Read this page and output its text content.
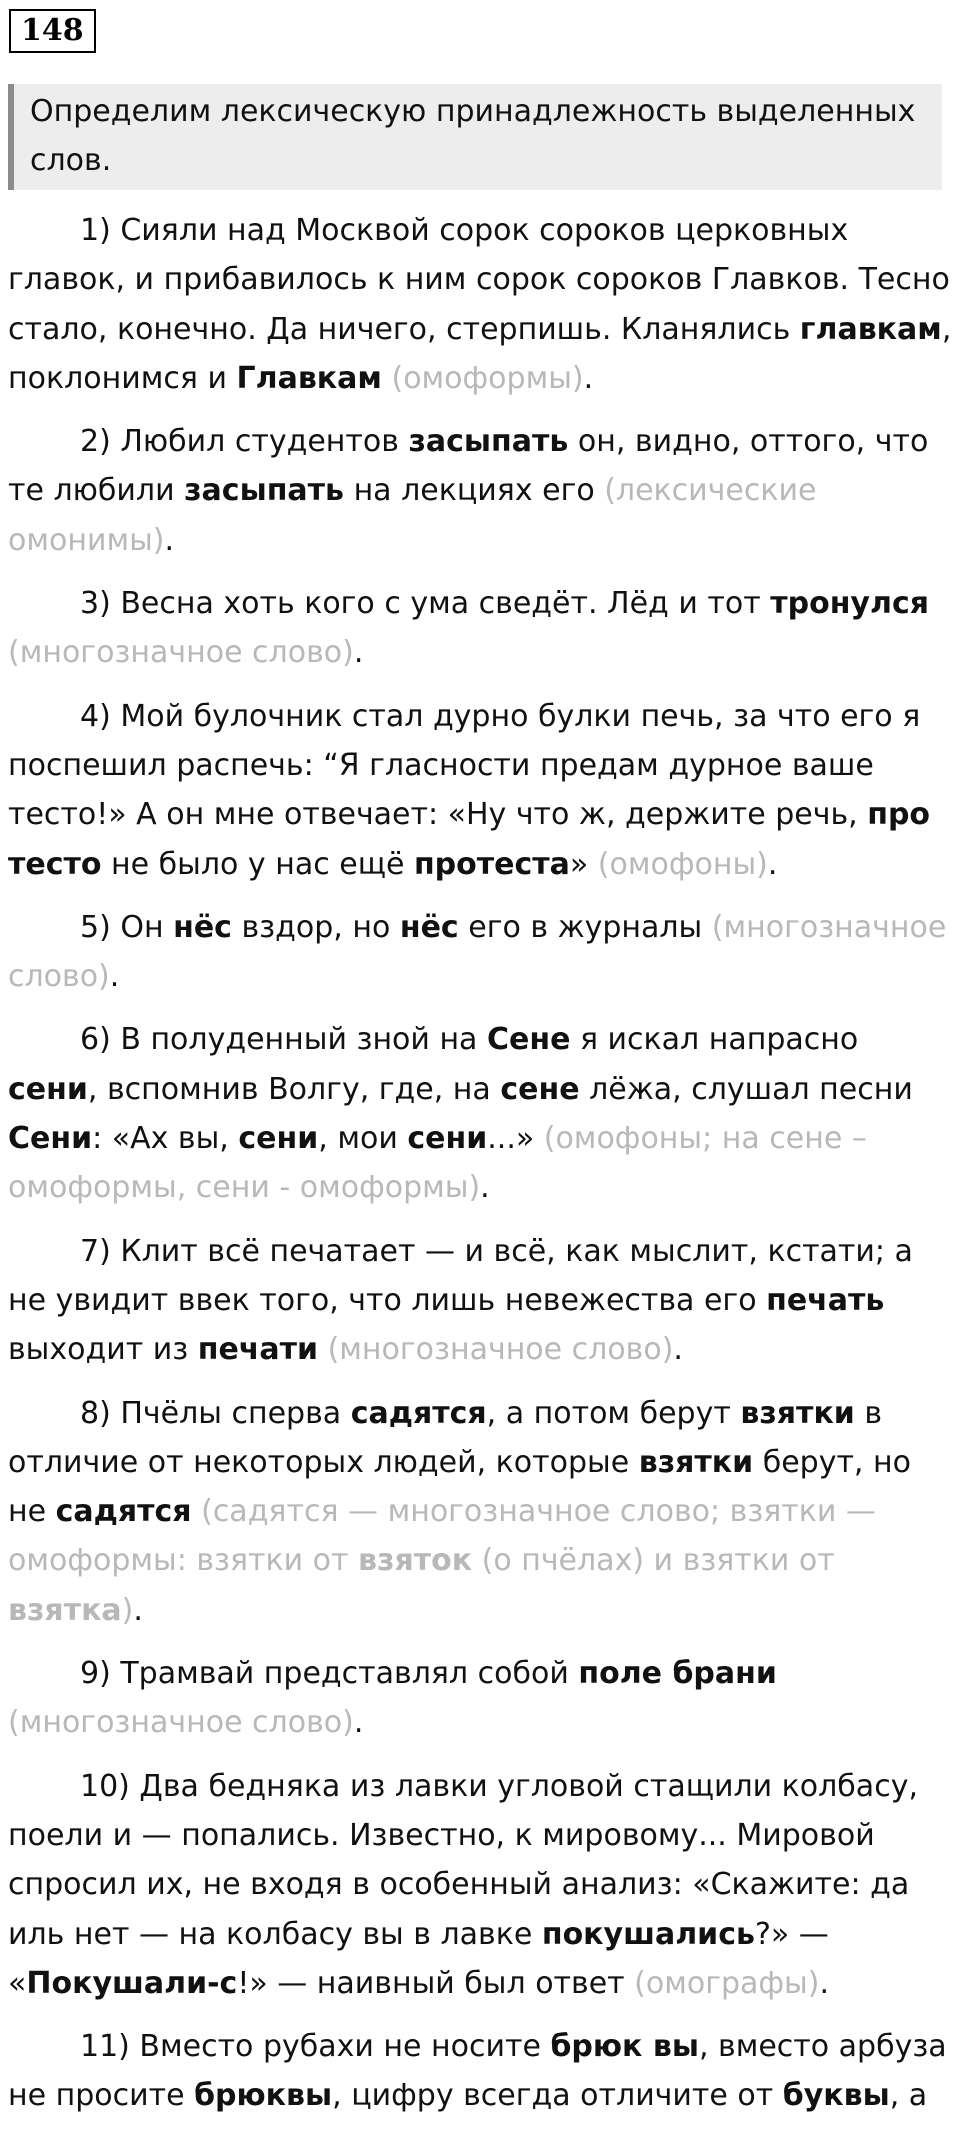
148
Определим лексическую принадлежность выделенных слов.
1) Сияли над Москвой сорок сороков церковных главок, и прибавилось к ним сорок сороков Главков. Тесно стало, конечно. Да ничего, стерпишь. Кланялись главкам, поклонимся и Главкам (омоформы).
2) Любил студентов засыпать он, видно, оттого, что те любили засыпать на лекциях его (лексические омонимы).
3) Весна хоть кого с ума сведёт. Лёд и тот тронулся (многозначное слово).
4) Мой булочник стал дурно булки печь, за что его я поспешил распечь: “Я гласности предам дурное ваше тесто!» А он мне отвечает: «Ну что ж, держите речь, про тесто не было у нас ещё протеста» (омофоны).
5) Он нёс вздор, но нёс его в журналы (многозначное слово).
6) В полуденный зной на Сене я искал напрасно сени, вспомнив Волгу, где, на сене лёжа, слушал песни Сени: «Ах вы, сени, мои сени...» (омофоны; на сене – омоформы, сени - омоформы).
7) Клит всё печатает — и всё, как мыслит, кстати; а не увидит ввек того, что лишь невежества его печать выходит из печати (многозначное слово).
8) Пчёлы сперва садятся, а потом берут взятки в отличие от некоторых людей, которые взятки берут, но не садятся (садятся — многозначное слово; взятки — омоформы: взятки от взяток (о пчёлах) и взятки от взятка).
9) Трамвай представлял собой поле брани (многозначное слово).
10) Два бедняка из лавки угловой стащили колбасу, поели и — попались. Известно, к мировому... Мировой спросил их, не входя в особенный анализ: «Скажите: да иль нет — на колбасу вы в лавке покушались?» — «Покушали-с!» — наивный был ответ (омографы).
11) Вместо рубахи не носите брюк вы, вместо арбуза не просите брюквы, цифру всегда отличите от буквы, а
